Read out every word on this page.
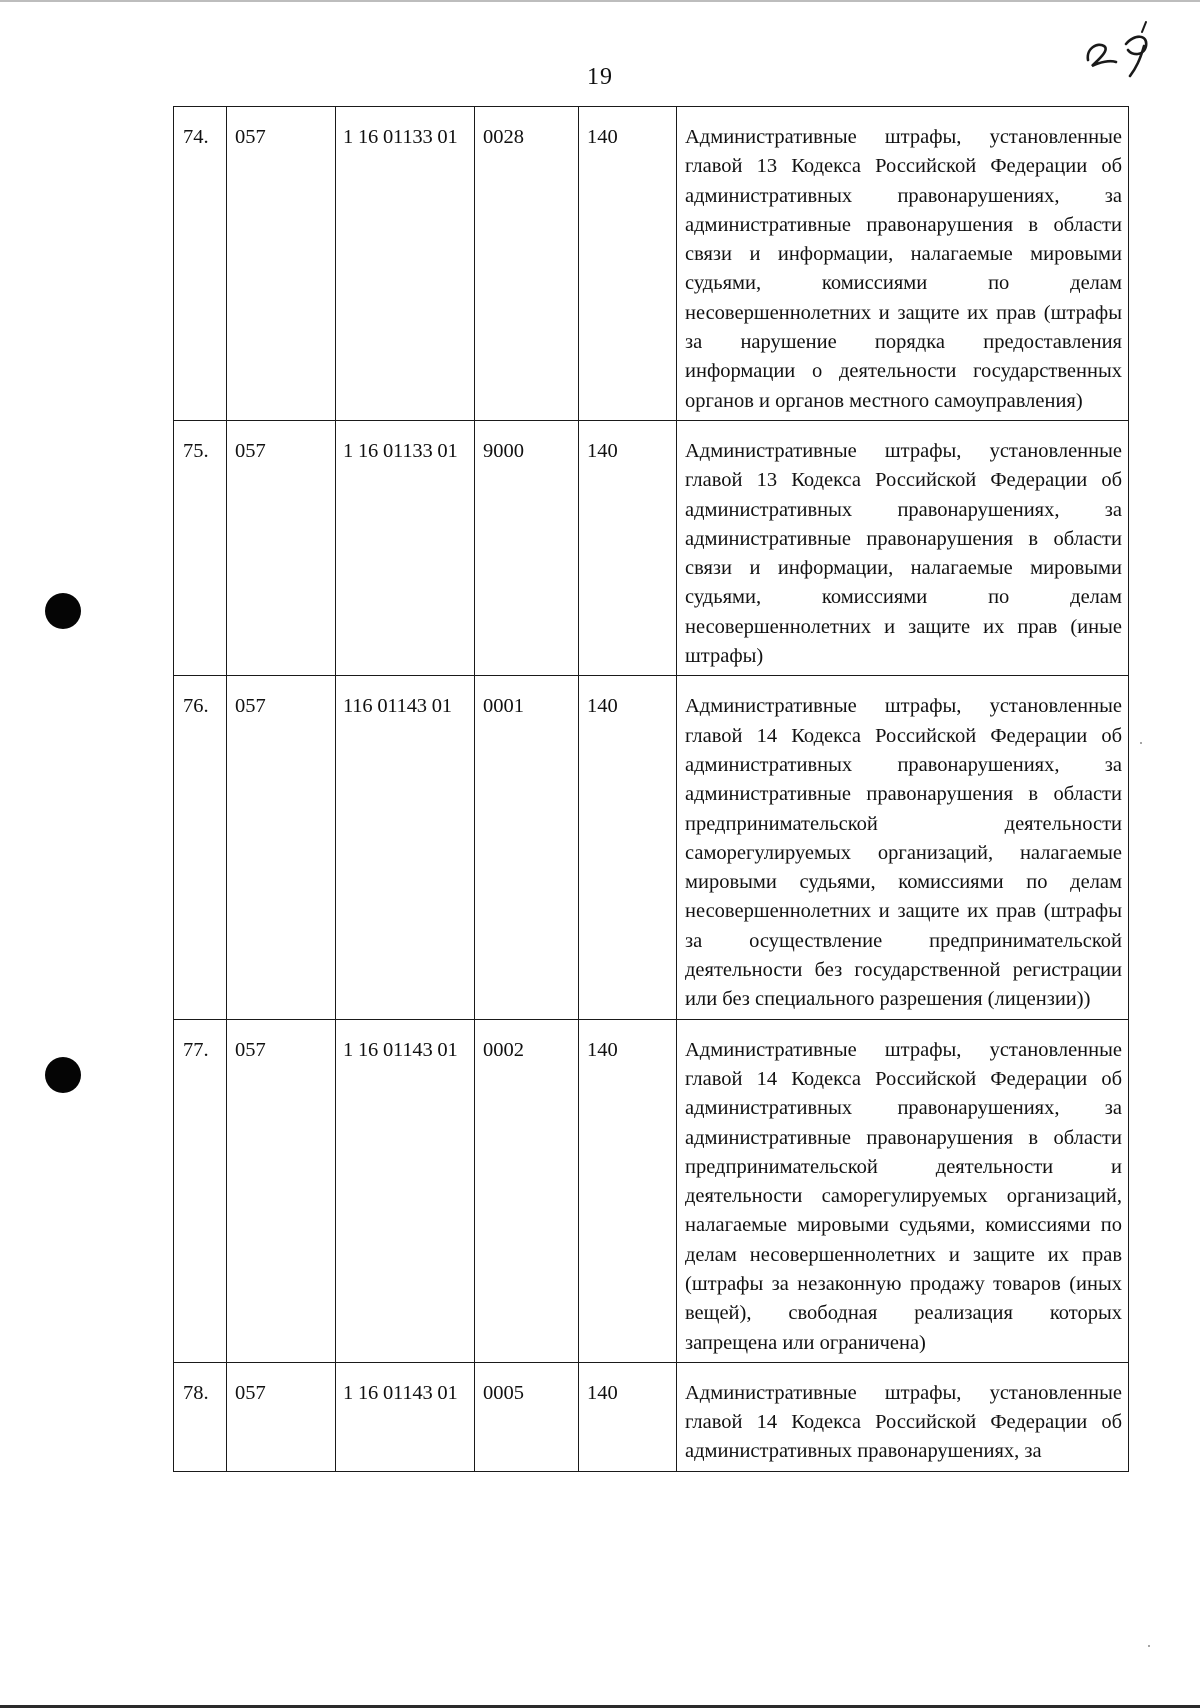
19
74.	057	1 16 01133 01	0028	140	Административные штрафы, установленные главой 13 Кодекса Российской Федерации об административных правонарушениях, за административные правонарушения в области связи и информации, налагаемые мировыми судьями, комиссиями по делам несовершеннолетних и защите их прав (штрафы за нарушение порядка предоставления информации о деятельности государственных органов и органов местного самоуправления)
75.	057	1 16 01133 01	9000	140	Административные штрафы, установленные главой 13 Кодекса Российской Федерации об административных правонарушениях, за административные правонарушения в области связи и информации, налагаемые мировыми судьями, комиссиями по делам несовершеннолетних и защите их прав (иные штрафы)
76.	057	116 01143 01	0001	140	Административные штрафы, установленные главой 14 Кодекса Российской Федерации об административных правонарушениях, за административные правонарушения в области предпринимательской деятельности саморегулируемых организаций, налагаемые мировыми судьями, комиссиями по делам несовершеннолетних и защите их прав (штрафы за осуществление предпринимательской деятельности без государственной регистрации или без специального разрешения (лицензии))
77.	057	1 16 01143 01	0002	140	Административные штрафы, установленные главой 14 Кодекса Российской Федерации об административных правонарушениях, за административные правонарушения в области предпринимательской деятельности и деятельности саморегулируемых организаций, налагаемые мировыми судьями, комиссиями по делам несовершеннолетних и защите их прав (штрафы за незаконную продажу товаров (иных вещей), свободная реализация которых запрещена или ограничена)
78.	057	1 16 01143 01	0005	140	Административные штрафы, установленные главой 14 Кодекса Российской Федерации об административных правонарушениях, за
